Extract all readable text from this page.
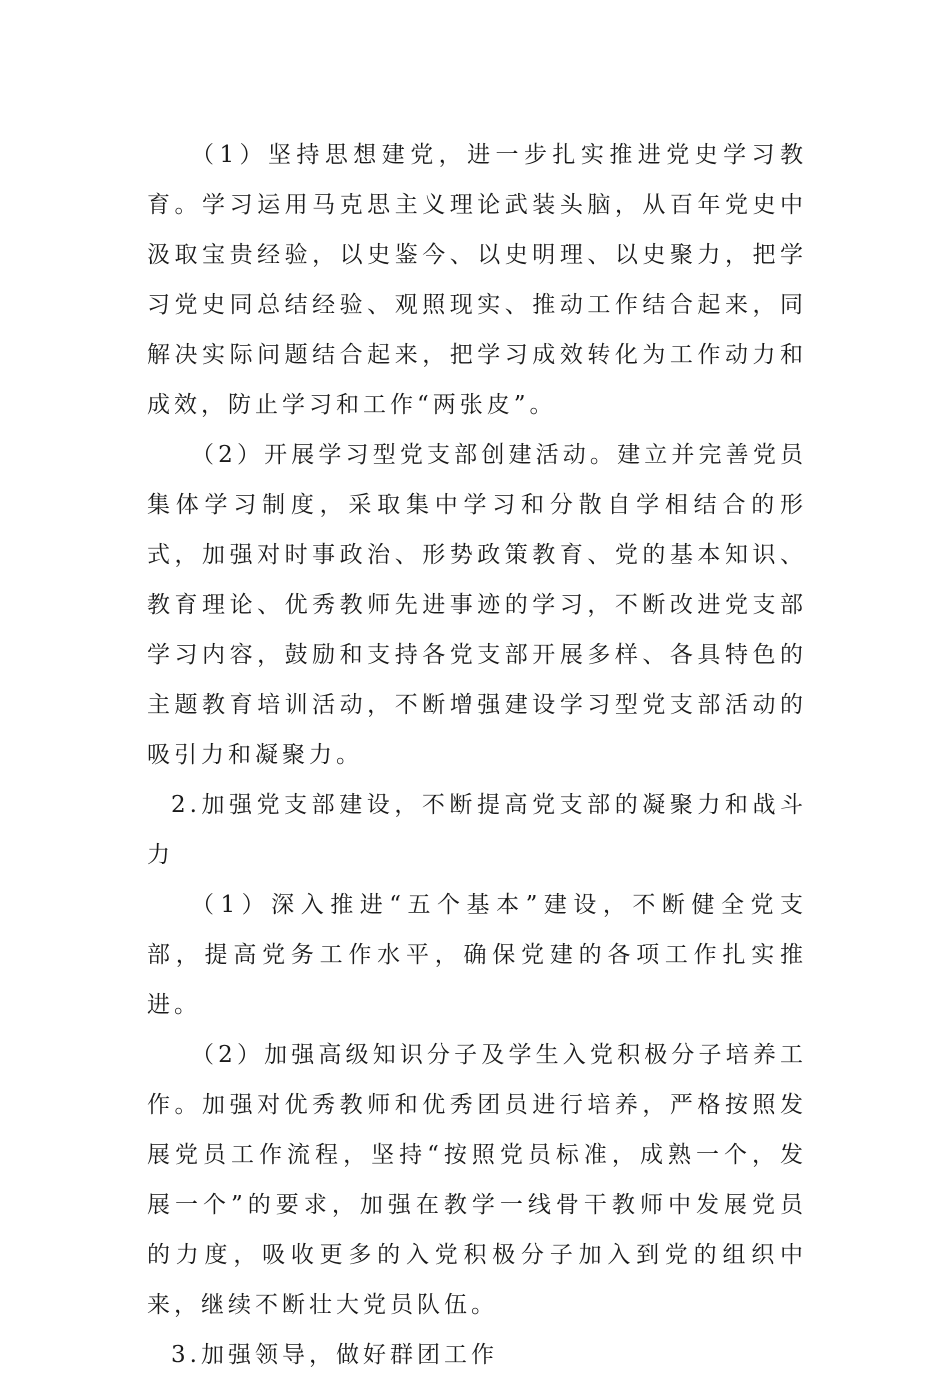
（1）坚持思想建党，进一步扎实推进党史学习教育。学习运用马克思主义理论武装头脑，从百年党史中汲取宝贵经验，以史鉴今、以史明理、以史聚力，把学习党史同总结经验、观照现实、推动工作结合起来，同解决实际问题结合起来，把学习成效转化为工作动力和成效，防止学习和工作“两张皮”。

（2）开展学习型党支部创建活动。建立并完善党员集体学习制度，采取集中学习和分散自学相结合的形式，加强对时事政治、形势政策教育、党的基本知识、教育理论、优秀教师先进事迹的学习，不断改进党支部学习内容，鼓励和支持各党支部开展多样、各具特色的主题教育培训活动，不断增强建设学习型党支部活动的吸引力和凝聚力。

2.加强党支部建设，不断提高党支部的凝聚力和战斗力

（1）深入推进“五个基本”建设，不断健全党支部，提高党务工作水平，确保党建的各项工作扎实推进。

（2）加强高级知识分子及学生入党积极分子培养工作。加强对优秀教师和优秀团员进行培养，严格按照发展党员工作流程，坚持“按照党员标准，成熟一个，发展一个”的要求，加强在教学一线骨干教师中发展党员的力度，吸收更多的入党积极分子加入到党的组织中来，继续不断壮大党员队伍。

3.加强领导，做好群团工作
